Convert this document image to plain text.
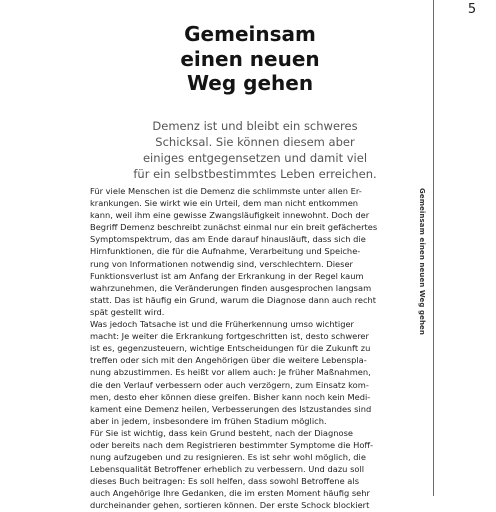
5
Gemeinsam
einen neuen
Weg gehen
Demenz ist und bleibt ein schweres
Schicksal. Sie können diesem aber
einiges entgegensetzen und damit viel
für ein selbstbestimmtes Leben erreichen.
Gemeinsam einen neuen Weg gehen
Für viele Menschen ist die Demenz die schlimmste unter allen Er-
krankungen. Sie wirkt wie ein Urteil, dem man nicht entkommen
kann, weil ihm eine gewisse Zwangsläufigkeit innewohnt. Doch der
Begriff Demenz beschreibt zunächst einmal nur ein breit gefächertes
Symptomspektrum, das am Ende darauf hinausläuft, dass sich die
Hirnfunktionen, die für die Aufnahme, Verarbeitung und Speiche-
rung von Informationen notwendig sind, verschlechtern. Dieser
Funktionsverlust ist am Anfang der Erkrankung in der Regel kaum
wahrzunehmen, die Veränderungen finden ausgesprochen langsam
statt. Das ist häufig ein Grund, warum die Diagnose dann auch recht
spät gestellt wird.
Was jedoch Tatsache ist und die Früherkennung umso wichtiger
macht: Je weiter die Erkrankung fortgeschritten ist, desto schwerer
ist es, gegenzusteuern, wichtige Entscheidungen für die Zukunft zu
treffen oder sich mit den Angehörigen über die weitere Lebenspla-
nung abzustimmen. Es heißt vor allem auch: Je früher Maßnahmen,
die den Verlauf verbessern oder auch verzögern, zum Einsatz kom-
men, desto eher können diese greifen. Bisher kann noch kein Medi-
kament eine Demenz heilen, Verbesserungen des Istzustandes sind
aber in jedem, insbesondere im frühen Stadium möglich.
Für Sie ist wichtig, dass kein Grund besteht, nach der Diagnose
oder bereits nach dem Registrieren bestimmter Symptome die Hoff-
nung aufzugeben und zu resignieren. Es ist sehr wohl möglich, die
Lebensqualität Betroffener erheblich zu verbessern. Und dazu soll
dieses Buch beitragen: Es soll helfen, dass sowohl Betroffene als
auch Angehörige Ihre Gedanken, die im ersten Moment häufig sehr
durcheinander gehen, sortieren können. Der erste Schock blockiert
